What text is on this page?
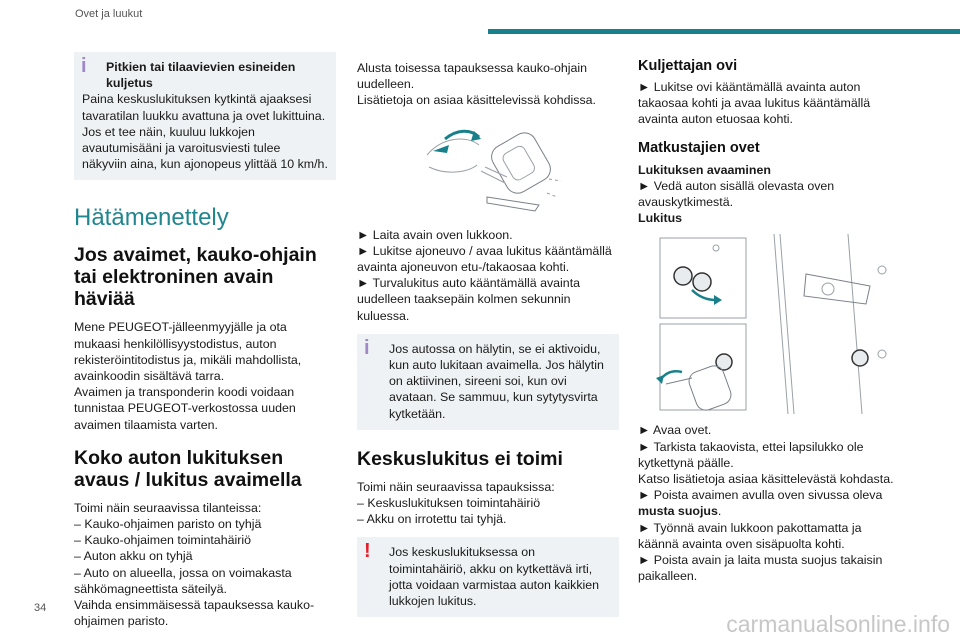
Ovet ja luukut
i	Pitkien tai tilaavievien esineiden kuljetus

Paina keskuslukituksen kytkintä ajaaksesi tavaratilan luukku avattuna ja ovet lukittuina. Jos et tee näin, kuuluu lukkojen avautumisääni ja varoitusviesti tulee näkyviin aina, kun ajonopeus ylittää 10 km/h.

Hätämenettely
Jos avaimet, kauko-ohjain tai elektroninen avain häviää

Mene PEUGEOT-jälleenmyyjälle ja ota mukaasi henkilöllisyystodistus, auton rekisteröintitodistus ja, mikäli mahdollista, avainkoodin sisältävä tarra.

Avaimen ja transponderin koodi voidaan tunnistaa PEUGEOT-verkostossa uuden avaimen tilaamista varten.

Koko auton lukituksen avaus / lukitus avaimella

Toimi näin seuraavissa tilanteissa:

– Kauko-ohjaimen paristo on tyhjä

– Kauko-ohjaimen toimintahäiriö

– Auton akku on tyhjä

– Auto on alueella, jossa on voimakasta sähkömagneettista säteilyä.

Vaihda ensimmäisessä tapauksessa kauko-ohjaimen paristo.

Alusta toisessa tapauksessa kauko-ohjain uudelleen.

Lisätietoja on asiaa käsittelevissä kohdissa.

► Laita avain oven lukkoon.

► Lukitse ajoneuvo / avaa lukitus kääntämällä avainta ajoneuvon etu-/takaosaa kohti.

► Turvalukitus auto kääntämällä avainta uudelleen taaksepäin kolmen sekunnin kuluessa.

i	Jos autossa on hälytin, se ei aktivoidu, kun auto lukitaan avaimella. Jos hälytin on aktiivinen, sireeni soi, kun ovi avataan. Se sammuu, kun sytytysvirta kytketään.

Keskuslukitus ei toimi

Toimi näin seuraavissa tapauksissa:

– Keskuslukituksen toimintahäiriö

– Akku on irrotettu tai tyhjä.

!	Jos keskuslukituksessa on toimintahäiriö, akku on kytkettävä irti, jotta voidaan varmistaa auton kaikkien lukkojen lukitus.

Kuljettajan ovi

► Lukitse ovi kääntämällä avainta auton takaosaa kohti ja avaa lukitus kääntämällä avainta auton etuosaa kohti.

Matkustajien ovet

Lukituksen avaaminen

► Vedä auton sisällä olevasta oven avauskytkimestä.

Lukitus

► Avaa ovet.

► Tarkista takaovista, ettei lapsilukko ole kytkettynä päälle.

Katso lisätietoja asiaa käsittelevästä kohdasta.

► Poista avaimen avulla oven sivussa oleva musta suojus.

► Työnnä avain lukkoon pakottamatta ja käännä avainta oven sisäpuolta kohti.

► Poista avain ja laita musta suojus takaisin paikalleen.

34
carmanualsonline.info
